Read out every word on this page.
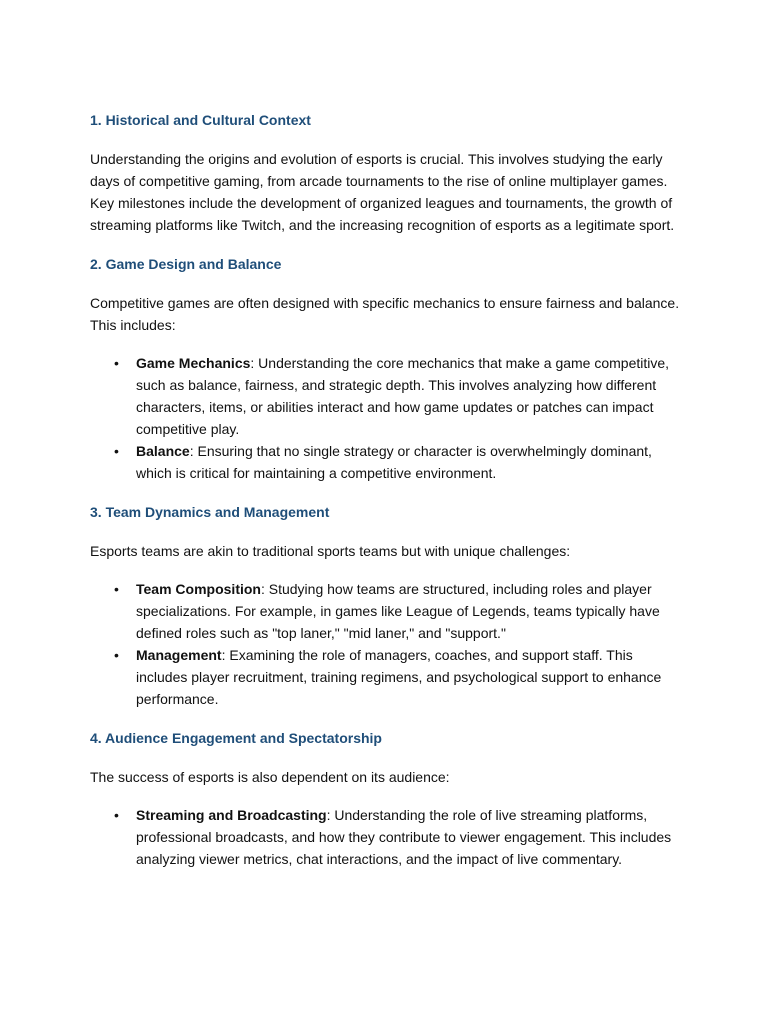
1. Historical and Cultural Context

Understanding the origins and evolution of esports is crucial. This involves studying the early days of competitive gaming, from arcade tournaments to the rise of online multiplayer games. Key milestones include the development of organized leagues and tournaments, the growth of streaming platforms like Twitch, and the increasing recognition of esports as a legitimate sport.

2. Game Design and Balance

Competitive games are often designed with specific mechanics to ensure fairness and balance. This includes:

• Game Mechanics: Understanding the core mechanics that make a game competitive, such as balance, fairness, and strategic depth. This involves analyzing how different characters, items, or abilities interact and how game updates or patches can impact competitive play.
• Balance: Ensuring that no single strategy or character is overwhelmingly dominant, which is critical for maintaining a competitive environment.
3. Team Dynamics and Management

Esports teams are akin to traditional sports teams but with unique challenges:

• Team Composition: Studying how teams are structured, including roles and player specializations. For example, in games like League of Legends, teams typically have defined roles such as "top laner," "mid laner," and "support."
• Management: Examining the role of managers, coaches, and support staff. This includes player recruitment, training regimens, and psychological support to enhance performance.
4. Audience Engagement and Spectatorship

The success of esports is also dependent on its audience:

• Streaming and Broadcasting: Understanding the role of live streaming platforms, professional broadcasts, and how they contribute to viewer engagement. This includes analyzing viewer metrics, chat interactions, and the impact of live commentary.
